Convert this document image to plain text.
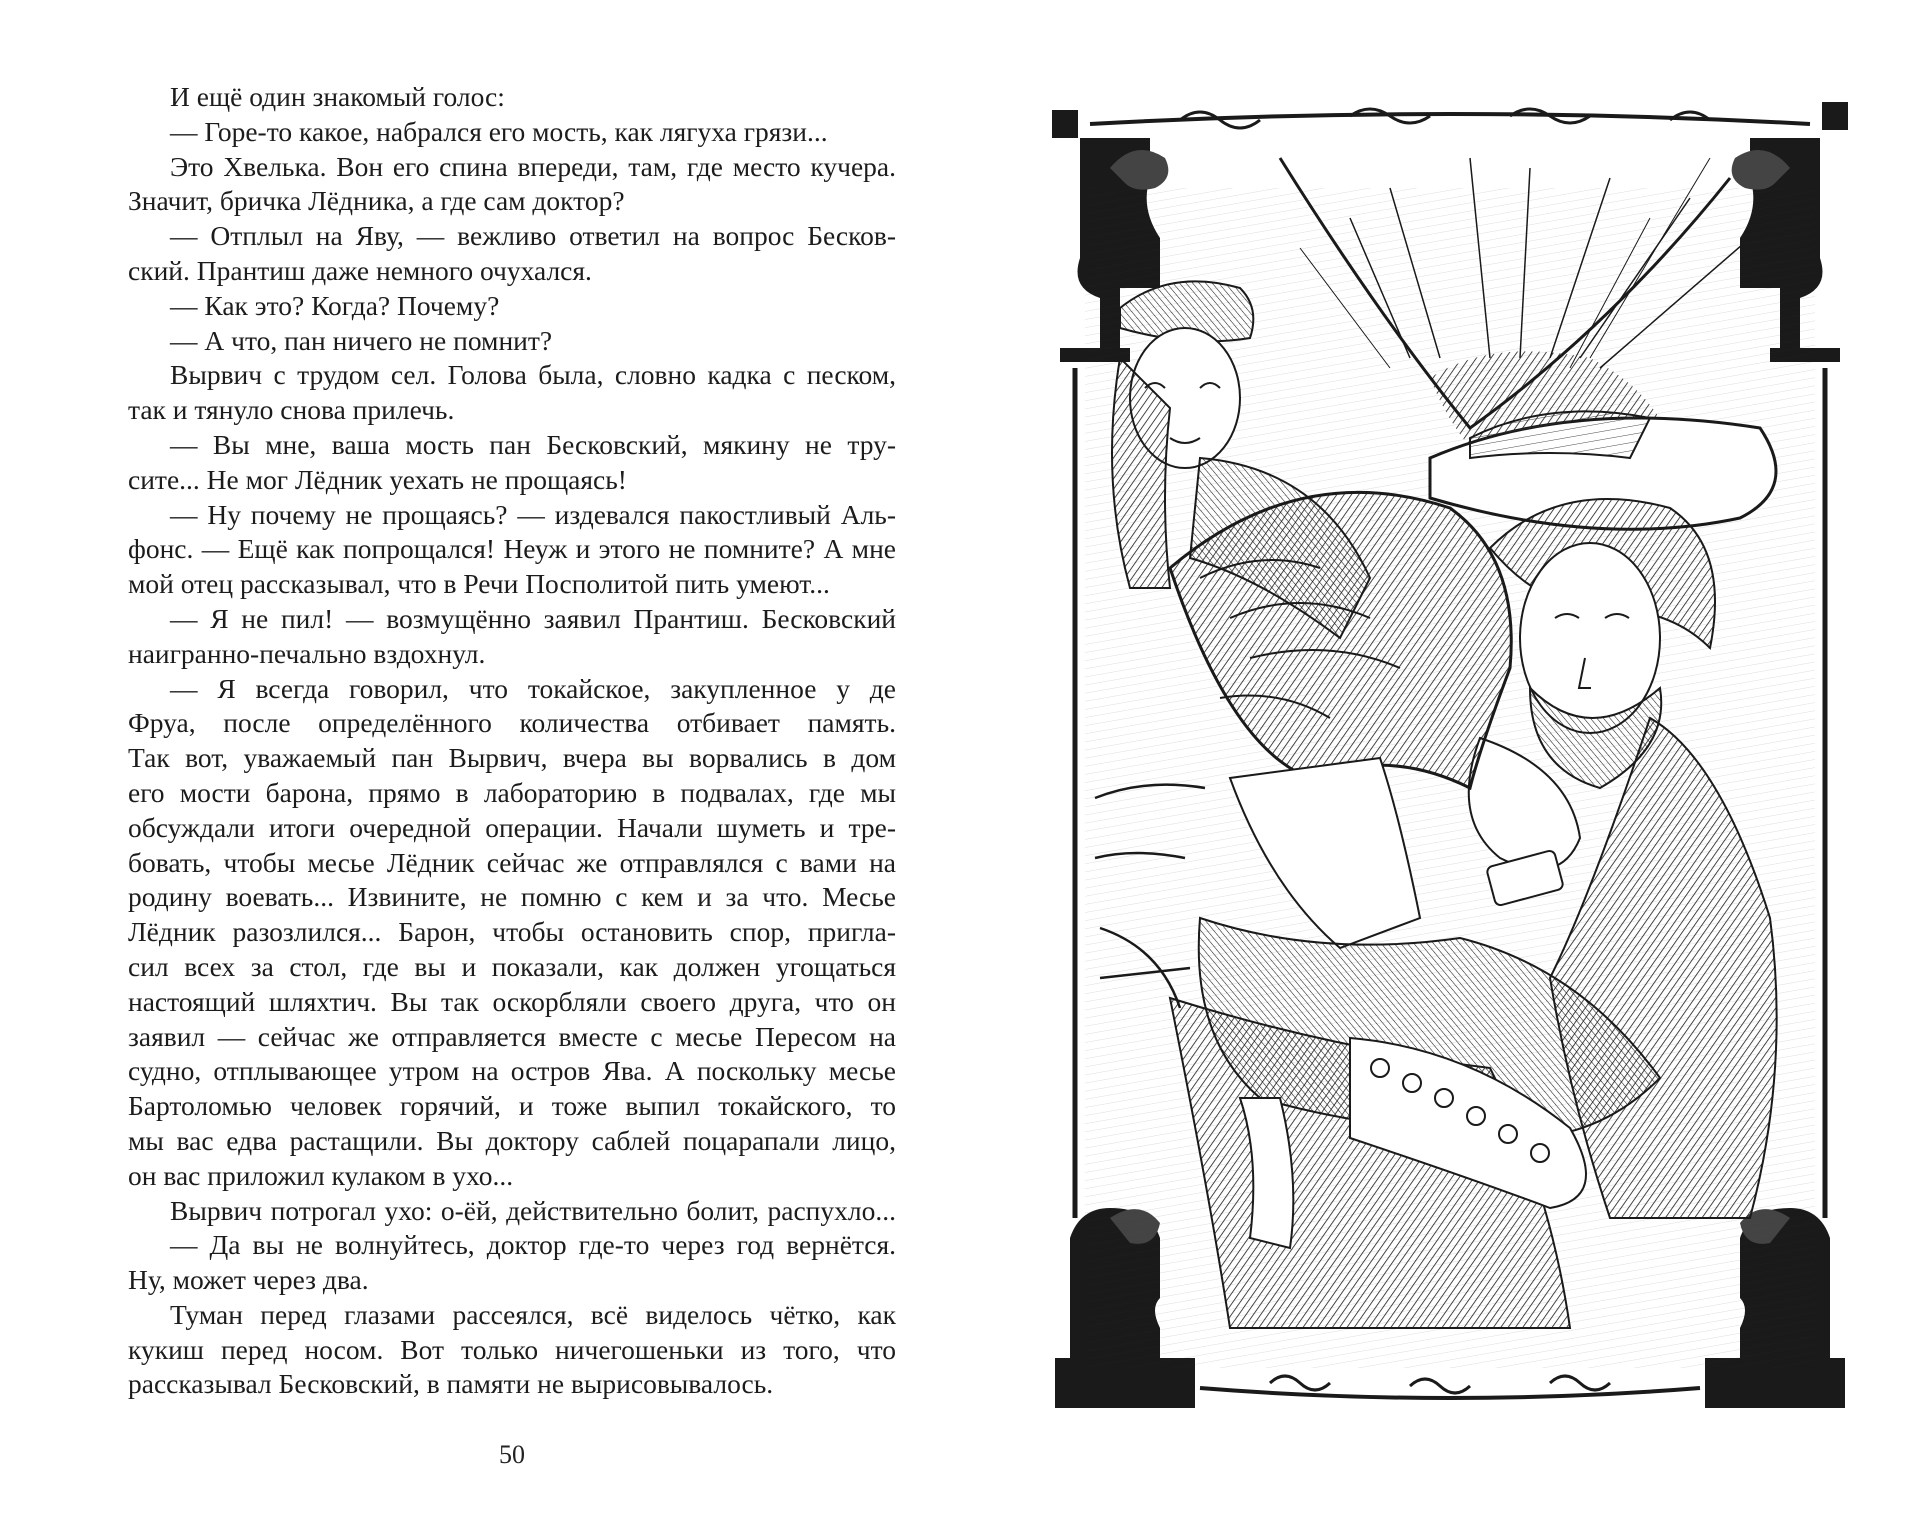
И ещё один знакомый голос:
— Горе-то какое, набрался его мость, как лягуха грязи...
Это Хвелька. Вон его спина впереди, там, где место кучера.
Значит, бричка Лёдника, а где сам доктор?
— Отплыл на Яву, — вежливо ответил на вопрос Бесков-
ский. Прантиш даже немного очухался.
— Как это? Когда? Почему?
— А что, пан ничего не помнит?
Вырвич с трудом сел. Голова была, словно кадка с песком,
так и тянуло снова прилечь.
— Вы мне, ваша мость пан Бесковский, мякину не тру-
сите... Не мог Лёдник уехать не прощаясь!
— Ну почему не прощаясь? — издевался пакостливый Аль-
фонс. — Ещё как попрощался! Неуж и этого не помните? А мне
мой отец рассказывал, что в Речи Посполитой пить умеют...
— Я не пил! — возмущённо заявил Прантиш. Бесковский
наигранно-печально вздохнул.
— Я всегда говорил, что токайское, закупленное у де
Фруа, после определённого количества отбивает память.
Так вот, уважаемый пан Вырвич, вчера вы ворвались в дом
его мости барона, прямо в лабораторию в подвалах, где мы
обсуждали итоги очередной операции. Начали шуметь и тре-
бовать, чтобы месье Лёдник сейчас же отправлялся с вами на
родину воевать... Извините, не помню с кем и за что. Месье
Лёдник разозлился... Барон, чтобы остановить спор, пригла-
сил всех за стол, где вы и показали, как должен угощаться
настоящий шляхтич. Вы так оскорбляли своего друга, что он
заявил — сейчас же отправляется вместе с месье Пересом на
судно, отплывающее утром на остров Ява. А поскольку месье
Бартоломью человек горячий, и тоже выпил токайского, то
мы вас едва растащили. Вы доктору саблей поцарапали лицо,
он вас приложил кулаком в ухо...
Вырвич потрогал ухо: о-ёй, действительно болит, распухло...
— Да вы не волнуйтесь, доктор где-то через год вернётся.
Ну, может через два.
Туман перед глазами рассеялся, всё виделось чётко, как
кукиш перед носом. Вот только ничегошеньки из того, что
рассказывал Бесковский, в памяти не вырисовывалось.
50
